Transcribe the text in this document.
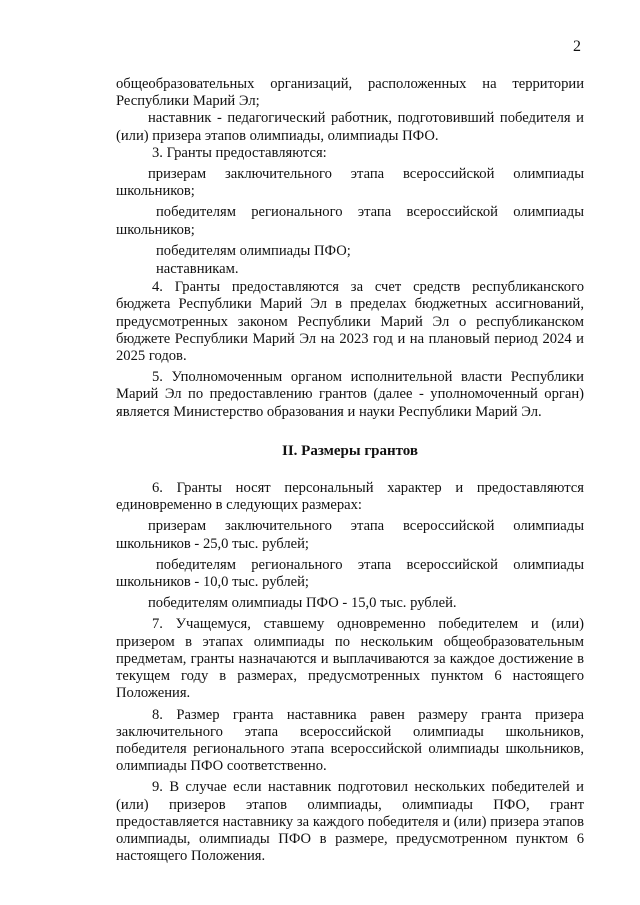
2

общеобразовательных организаций, расположенных на территории Республики Марий Эл;

наставник - педагогический работник, подготовивший победителя и (или) призера этапов олимпиады, олимпиады ПФО.

3. Гранты предоставляются:

призерам заключительного этапа всероссийской олимпиады школьников;

победителям регионального этапа всероссийской олимпиады школьников;

победителям олимпиады ПФО;

наставникам.

4. Гранты предоставляются за счет средств республиканского бюджета Республики Марий Эл в пределах бюджетных ассигнований, предусмотренных законом Республики Марий Эл о республиканском бюджете Республики Марий Эл на 2023 год и на плановый период 2024 и 2025 годов.

5. Уполномоченным органом исполнительной власти Республики Марий Эл по предоставлению грантов (далее - уполномоченный орган) является Министерство образования и науки Республики Марий Эл.

II. Размеры грантов

6. Гранты носят персональный характер и предоставляются единовременно в следующих размерах:

призерам заключительного этапа всероссийской олимпиады школьников - 25,0 тыс. рублей;

победителям регионального этапа всероссийской олимпиады школьников - 10,0 тыс. рублей;

победителям олимпиады ПФО - 15,0 тыс. рублей.

7. Учащемуся, ставшему одновременно победителем и (или) призером в этапах олимпиады по нескольким общеобразовательным предметам, гранты назначаются и выплачиваются за каждое достижение в текущем году в размерах, предусмотренных пунктом 6 настоящего Положения.

8. Размер гранта наставника равен размеру гранта призера заключительного этапа всероссийской олимпиады школьников, победителя регионального этапа всероссийской олимпиады школьников, олимпиады ПФО соответственно.

9. В случае если наставник подготовил нескольких победителей и (или) призеров этапов олимпиады, олимпиады ПФО, грант предоставляется наставнику за каждого победителя и (или) призера этапов олимпиады, олимпиады ПФО в размере, предусмотренном пунктом 6 настоящего Положения.
